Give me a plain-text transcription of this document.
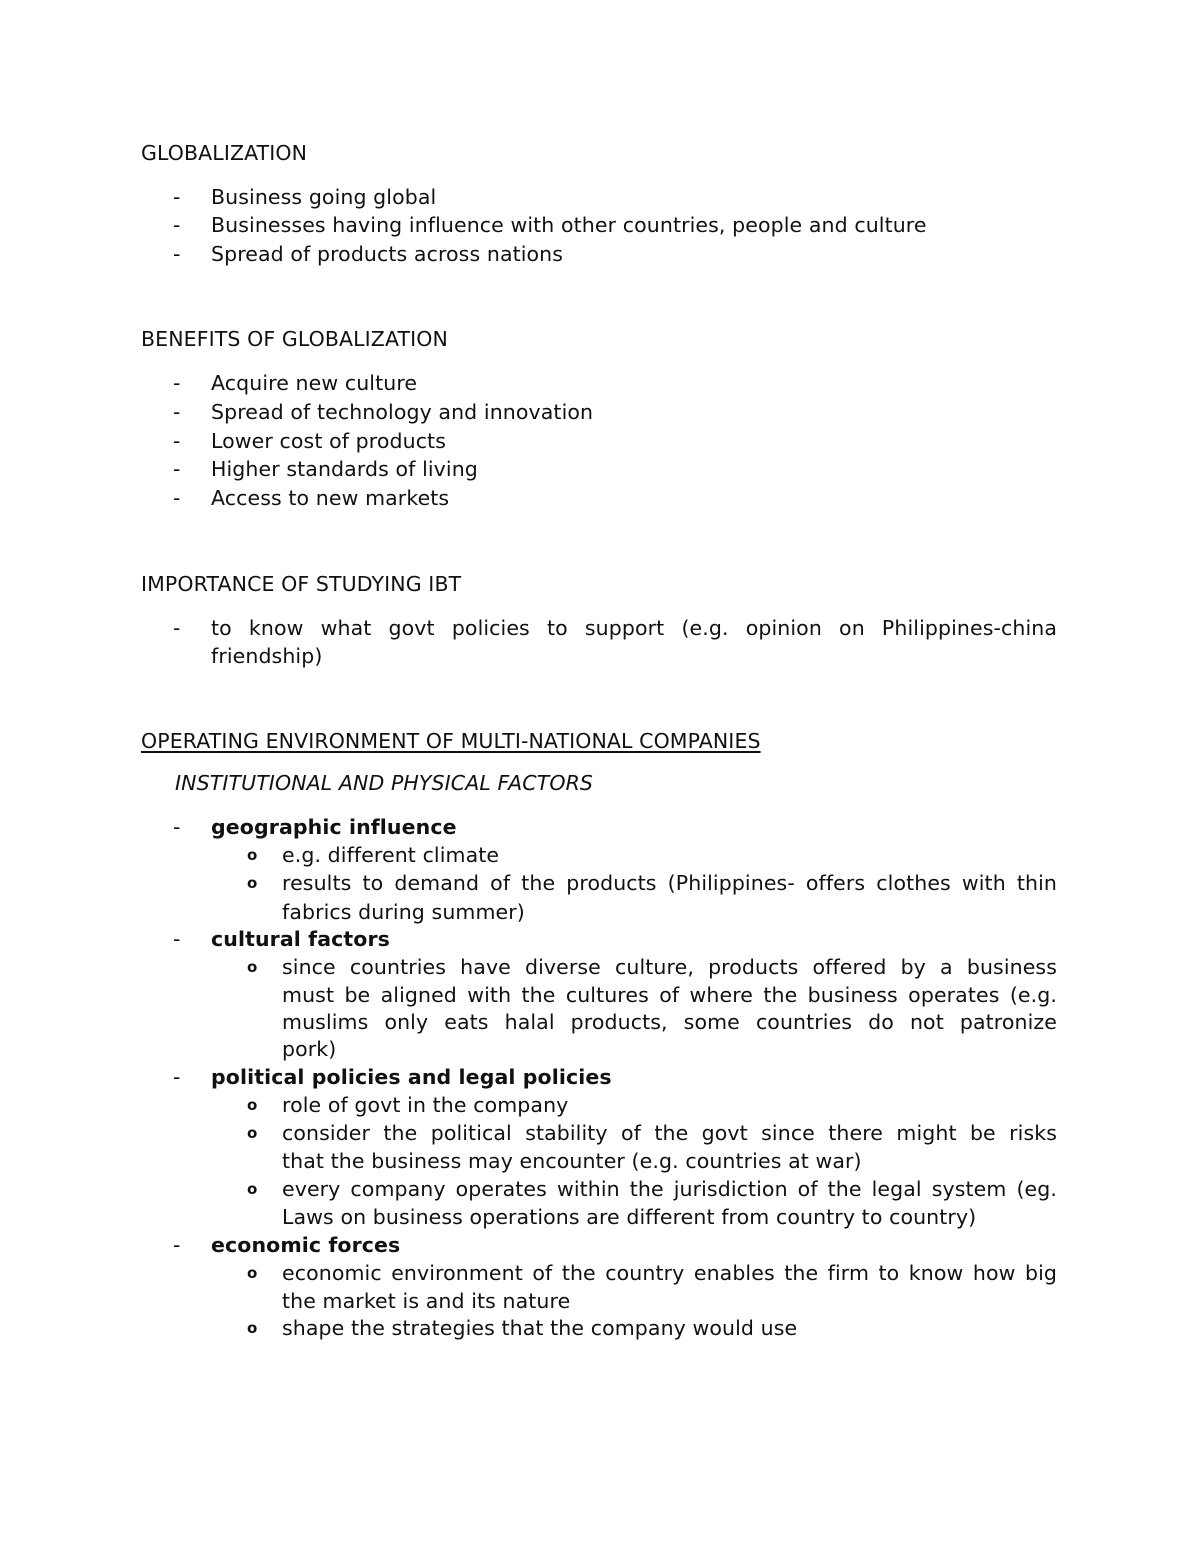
GLOBALIZATION
- Business going global
- Businesses having influence with other countries, people and culture
- Spread of products across nations
BENEFITS OF GLOBALIZATION
- Acquire new culture
- Spread of technology and innovation
- Lower cost of products
- Higher standards of living
- Access to new markets
IMPORTANCE OF STUDYING IBT
- to know what govt policies to support (e.g. opinion on Philippines-china
friendship)
OPERATING ENVIRONMENT OF MULTI-NATIONAL COMPANIES
INSTITUTIONAL AND PHYSICAL FACTORS
- geographic influence
o e.g. different climate
o results to demand of the products (Philippines- offers clothes with thin
fabrics during summer)
- cultural factors
o since countries have diverse culture, products offered by a business
must be aligned with the cultures of where the business operates (e.g.
muslims only eats halal products, some countries do not patronize
pork)
- political policies and legal policies
o role of govt in the company
o consider the political stability of the govt since there might be risks
that the business may encounter (e.g. countries at war)
o every company operates within the jurisdiction of the legal system (eg.
Laws on business operations are different from country to country)
- economic forces
o economic environment of the country enables the firm to know how big
the market is and its nature
o shape the strategies that the company would use
